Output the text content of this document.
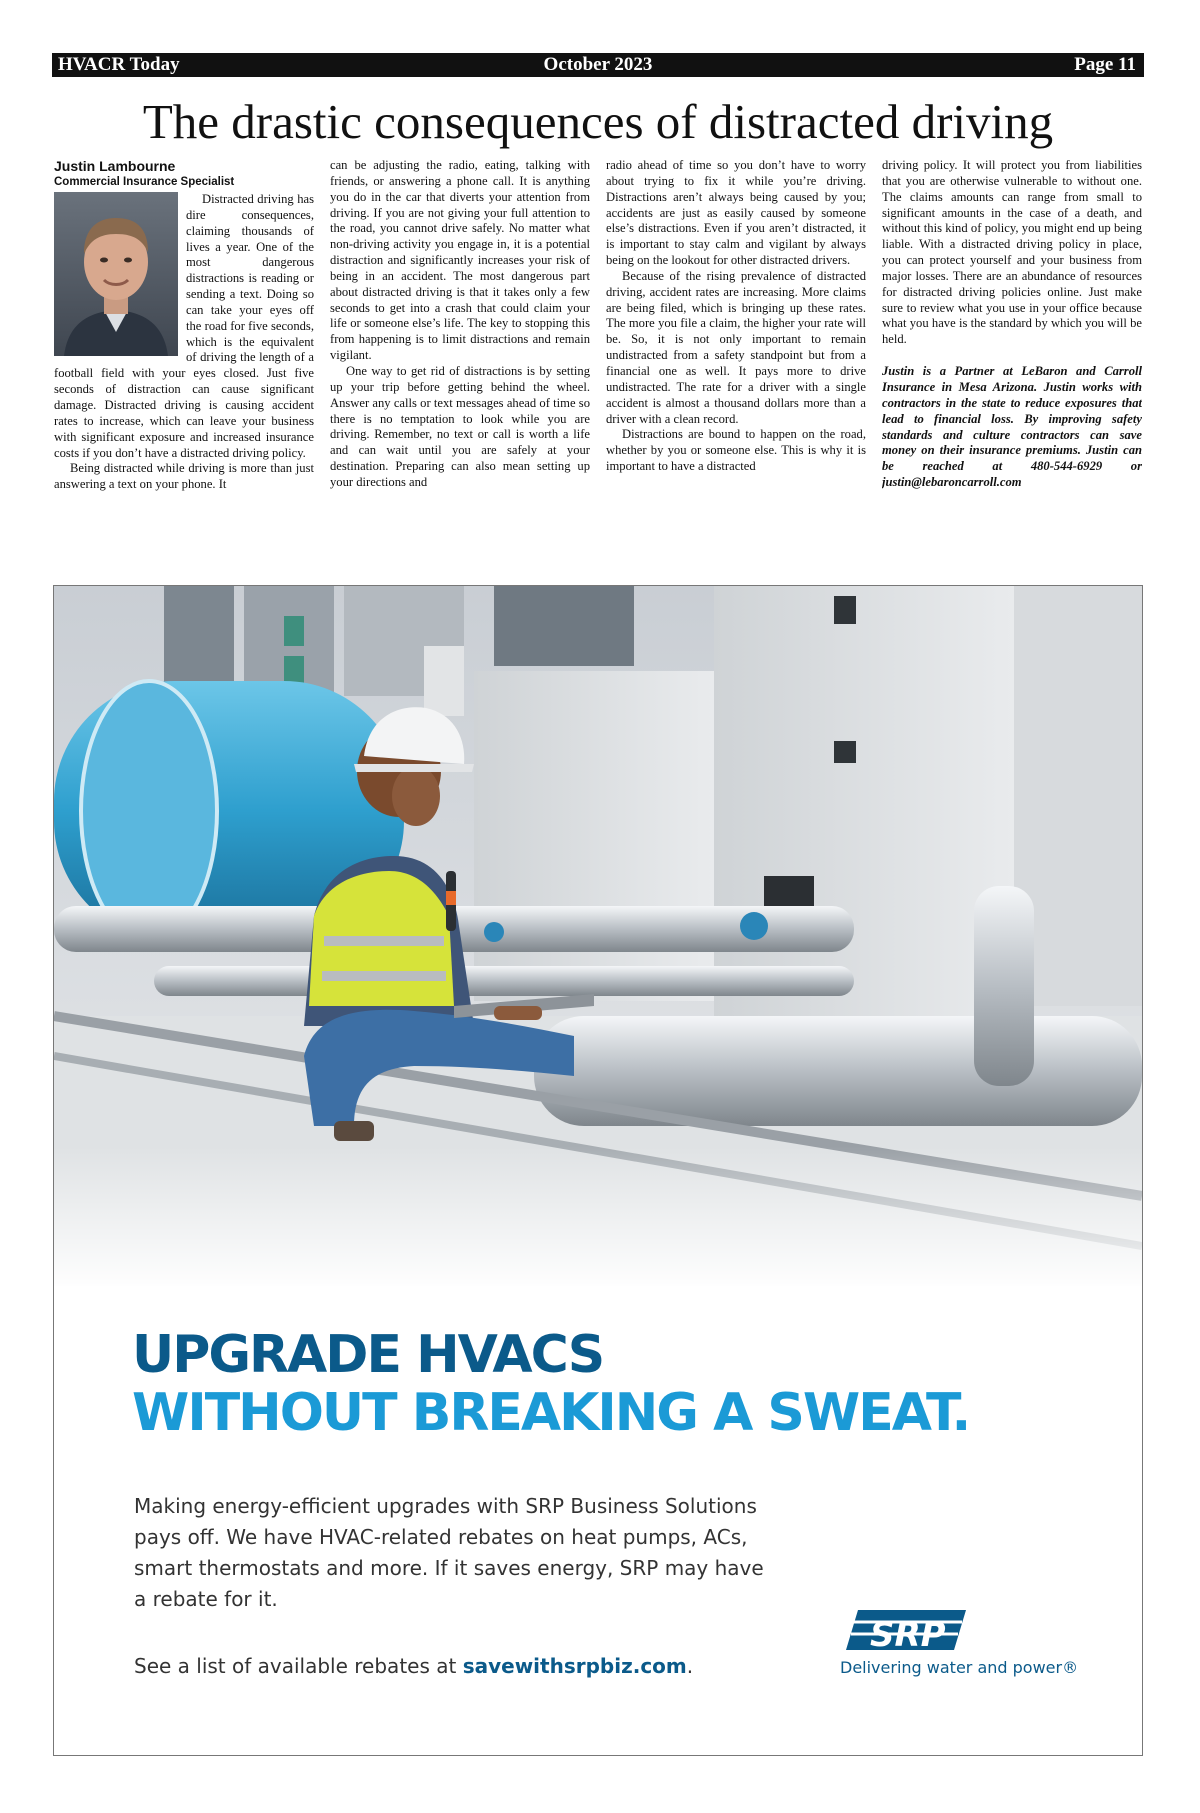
HVACR Today	October 2023	Page 11
The drastic consequences of distracted driving
Justin Lambourne
Commercial Insurance Specialist

Distracted driving has dire consequences, claiming thousands of lives a year. One of the most dangerous distractions is reading or sending a text. Doing so can take your eyes off the road for five seconds, which is the equivalent of driving the length of a football field with your eyes closed. Just five seconds of distraction can cause significant damage. Distracted driving is causing accident rates to increase, which can leave your business with significant exposure and increased insurance costs if you don’t have a distracted driving policy.

Being distracted while driving is more than just answering a text on your phone. It

can be adjusting the radio, eating, talking with friends, or answering a phone call. It is anything you do in the car that diverts your attention from driving. If you are not giving your full attention to the road, you cannot drive safely. No matter what non-driving activity you engage in, it is a potential distraction and significantly increases your risk of being in an accident. The most dangerous part about distracted driving is that it takes only a few seconds to get into a crash that could claim your life or someone else’s life. The key to stopping this from happening is to limit distractions and remain vigilant.

One way to get rid of distractions is by setting up your trip before getting behind the wheel. Answer any calls or text messages ahead of time so there is no temptation to look while you are driving. Remember, no text or call is worth a life and can wait until you are safely at your destination. Preparing can also mean setting up your directions and

radio ahead of time so you don’t have to worry about trying to fix it while you’re driving. Distractions aren’t always being caused by you; accidents are just as easily caused by someone else’s distractions. Even if you aren’t distracted, it is important to stay calm and vigilant by always being on the lookout for other distracted drivers.

Because of the rising prevalence of distracted driving, accident rates are increasing. More claims are being filed, which is bringing up these rates. The more you file a claim, the higher your rate will be. So, it is not only important to remain undistracted from a safety standpoint but from a financial one as well. It pays more to drive undistracted. The rate for a driver with a single accident is almost a thousand dollars more than a driver with a clean record.

Distractions are bound to happen on the road, whether by you or someone else. This is why it is important to have a distracted

driving policy. It will protect you from liabilities that you are otherwise vulnerable to without one. The claims amounts can range from small to significant amounts in the case of a death, and without this kind of policy, you might end up being liable. With a distracted driving policy in place, you can protect yourself and your business from major losses. There are an abundance of resources for distracted driving policies online. Just make sure to review what you use in your office because what you have is the standard by which you will be held.

Justin is a Partner at LeBaron and Carroll Insurance in Mesa Arizona. Justin works with contractors in the state to reduce exposures that lead to financial loss. By improving safety standards and culture contractors can save money on their insurance premiums. Justin can be reached at 480-544-6929 or justin@lebaroncarroll.com

UPGRADE HVACS
WITHOUT BREAKING A SWEAT.
Making energy-efficient upgrades with SRP Business Solutions pays off. We have HVAC-related rebates on heat pumps, ACs, smart thermostats and more. If it saves energy, SRP may have a rebate for it.
See a list of available rebates at savewithsrpbiz.com.
SRP
Delivering water and power®
